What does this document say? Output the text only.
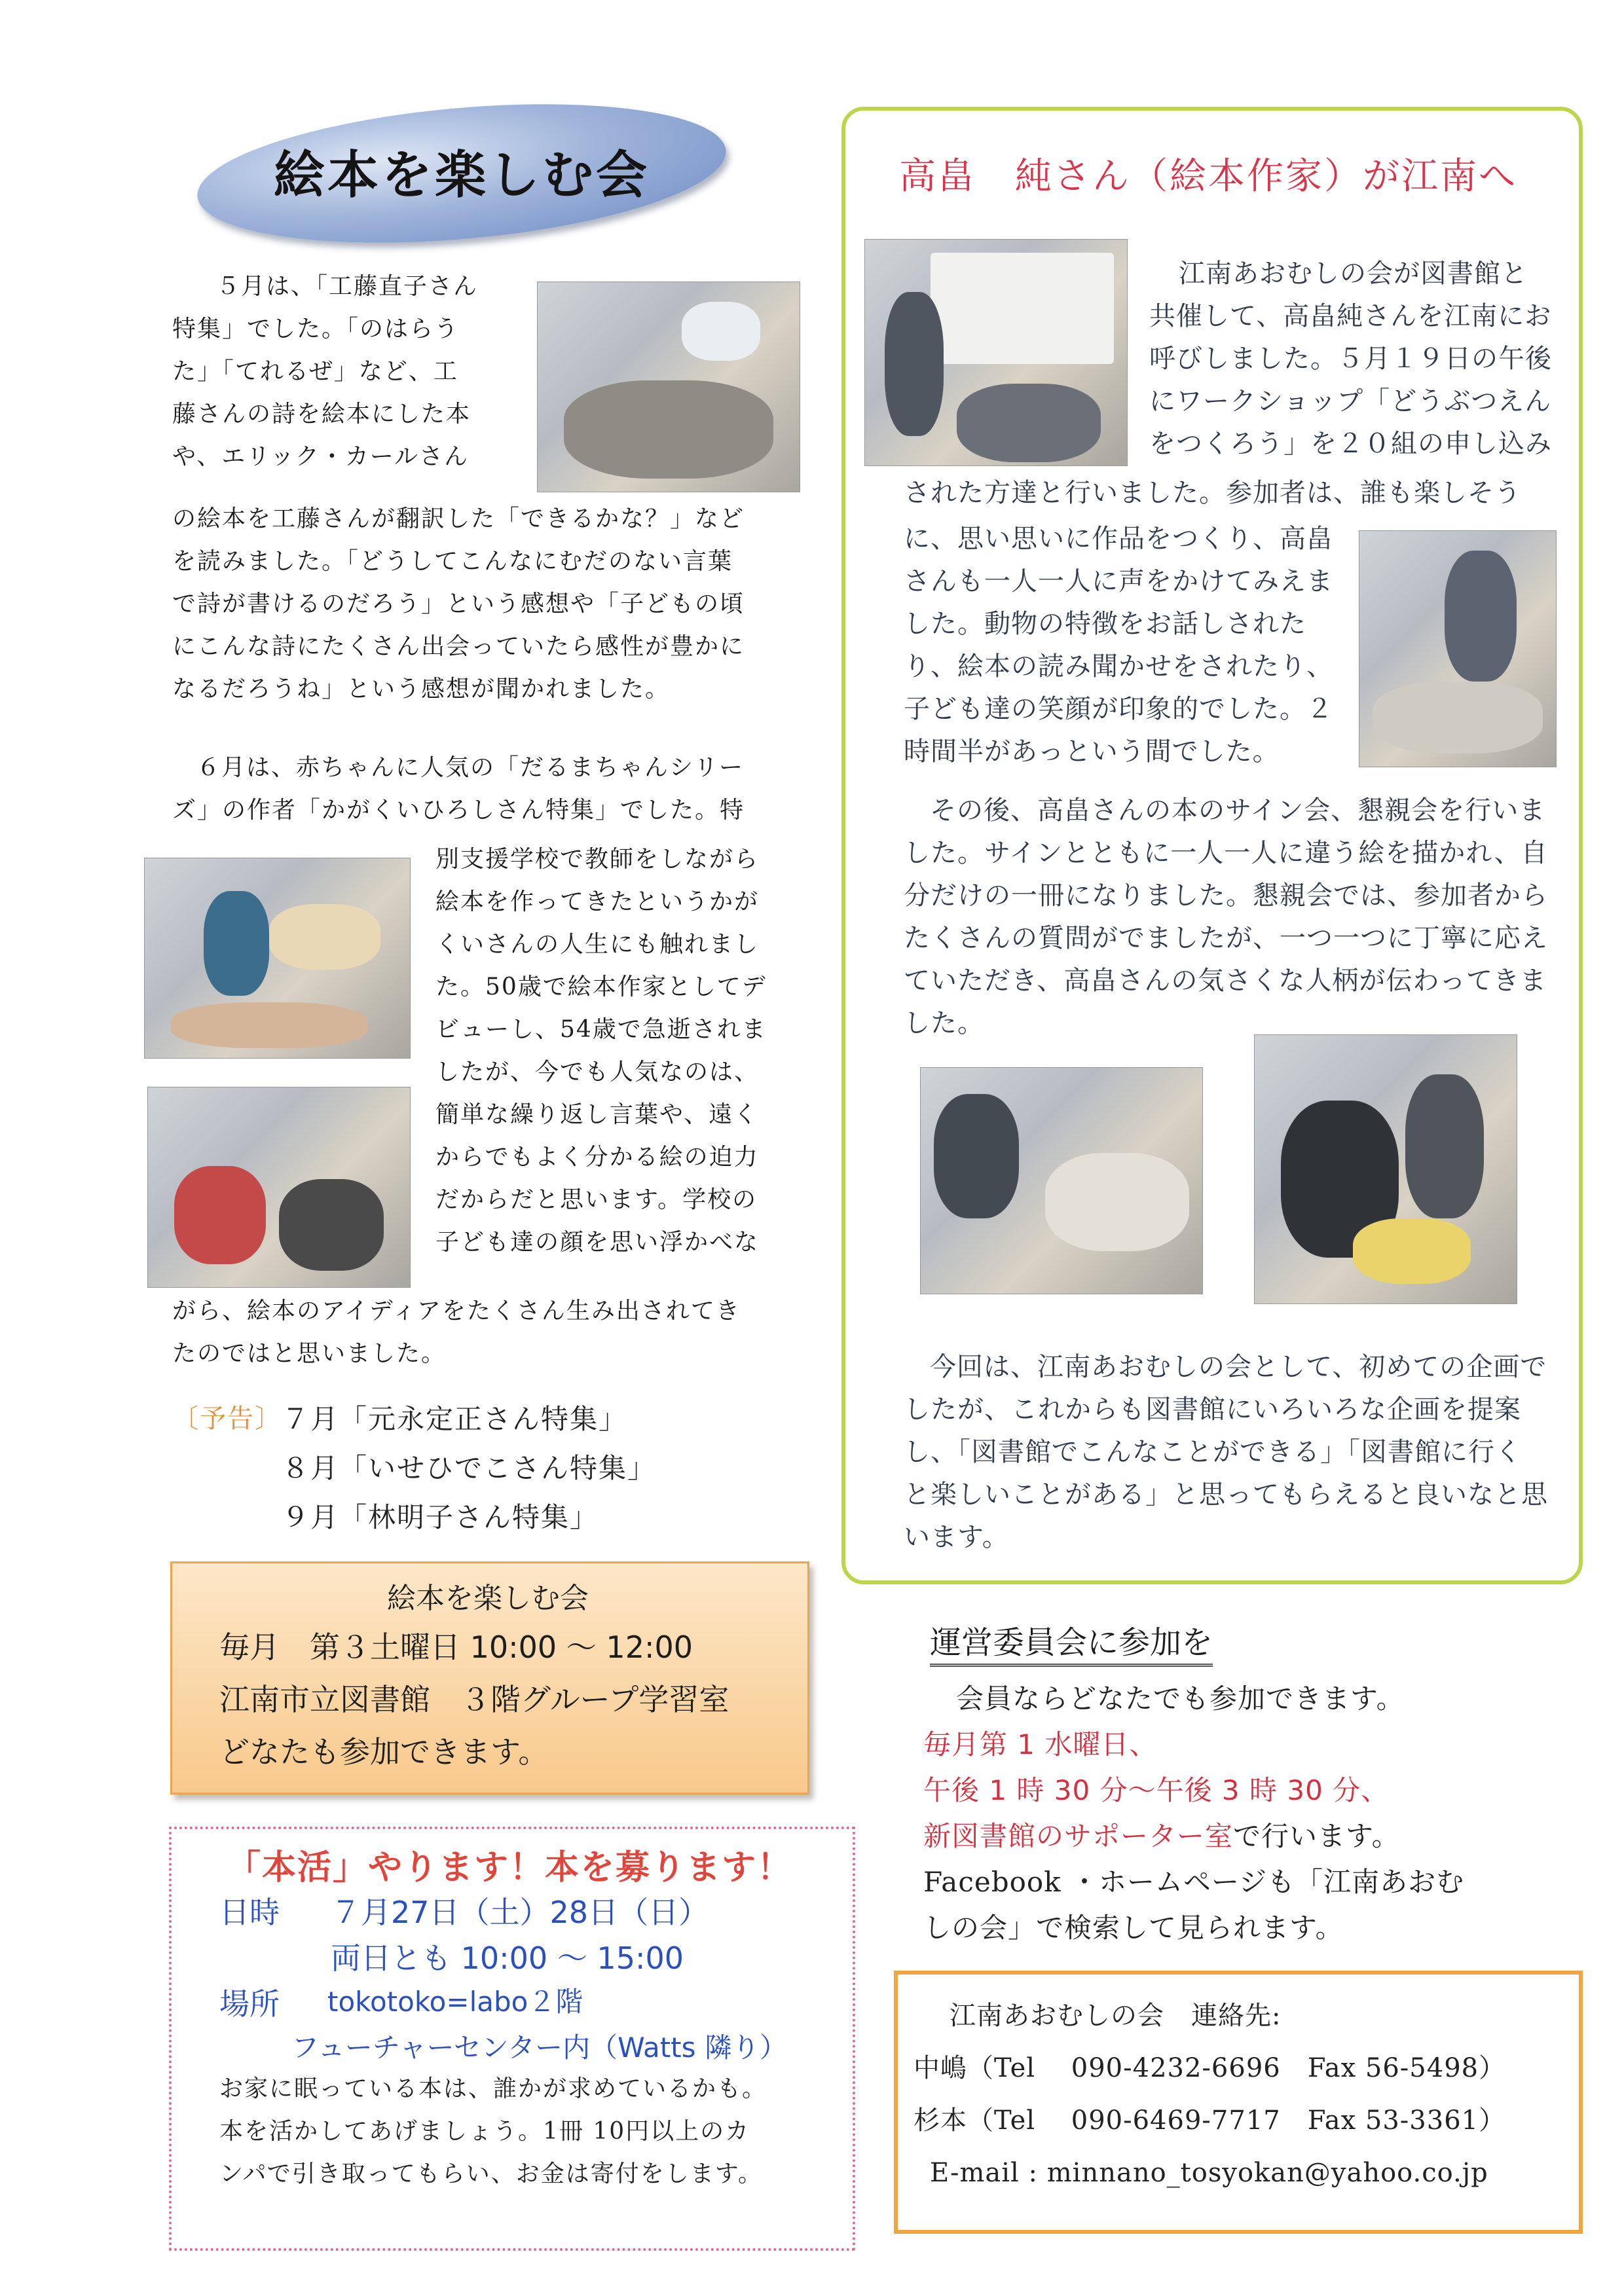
絵本を楽しむ会
５月は、「工藤直子さん
特集」でした。「のはらう
た」「てれるぜ」など、工
藤さんの詩を絵本にした本
や、エリック・カールさん
の絵本を工藤さんが翻訳した「できるかな？」など
を読みました。「どうしてこんなにむだのない言葉
で詩が書けるのだろう」という感想や「子どもの頃
にこんな詩にたくさん出会っていたら感性が豊かに
なるだろうね」という感想が聞かれました。
６月は、赤ちゃんに人気の「だるまちゃんシリー
ズ」の作者「かがくいひろしさん特集」でした。特
別支援学校で教師をしながら
絵本を作ってきたというかが
くいさんの人生にも触れまし
た。50歳で絵本作家としてデ
ビューし、54歳で急逝されま
したが、今でも人気なのは、
簡単な繰り返し言葉や、遠く
からでもよく分かる絵の迫力
だからだと思います。学校の
子ども達の顔を思い浮かべな
がら、絵本のアイディアをたくさん生み出されてき
たのではと思いました。
〔予告〕 ７月「元永定正さん特集」
８月「いせひでこさん特集」
９月「林明子さん特集」
絵本を楽しむ会
毎月　第３土曜日 10:00 ～ 12:00
江南市立図書館　３階グループ学習室
どなたも参加できます。
「本活」やります！本を募ります！
日時 ７月27日（土）28日（日）
両日とも 10:00 ～ 15:00
場所 tokotoko=labo２階
フューチャーセンター内（Watts 隣り）
お家に眠っている本は、誰かが求めているかも。
本を活かしてあげましょう。1冊 10円以上のカ
ンパで引き取ってもらい、お金は寄付をします。
高畠　純さん（絵本作家）が江南へ
江南あおむしの会が図書館と
共催して、高畠純さんを江南にお
呼びしました。５月１９日の午後
にワークショップ「どうぶつえん
をつくろう」を２０組の申し込み
された方達と行いました。参加者は、誰も楽しそう
に、思い思いに作品をつくり、高畠
さんも一人一人に声をかけてみえま
した。動物の特徴をお話しされた
り、絵本の読み聞かせをされたり、
子ども達の笑顔が印象的でした。２
時間半があっという間でした。
その後、高畠さんの本のサイン会、懇親会を行いま
した。サインとともに一人一人に違う絵を描かれ、自
分だけの一冊になりました。懇親会では、参加者から
たくさんの質問がでましたが、一つ一つに丁寧に応え
ていただき、高畠さんの気さくな人柄が伝わってきま
した。
今回は、江南あおむしの会として、初めての企画で
したが、これからも図書館にいろいろな企画を提案
し、「図書館でこんなことができる」「図書館に行く
と楽しいことがある」と思ってもらえると良いなと思
います。
運営委員会に参加を
会員ならどなたでも参加できます。
毎月第 1 水曜日、
午後 1 時 30 分～午後 3 時 30 分、
新図書館のサポーター室で行います。
Facebook ・ホームページも「江南あおむ
しの会」で検索して見られます。
江南あおむしの会　連絡先:
中嶋（Tel　 090-4232-6696　Fax 56-5498）
杉本（Tel　 090-6469-7717　Fax 53-3361）
E-mail : minnano_tosyokan@yahoo.co.jp
